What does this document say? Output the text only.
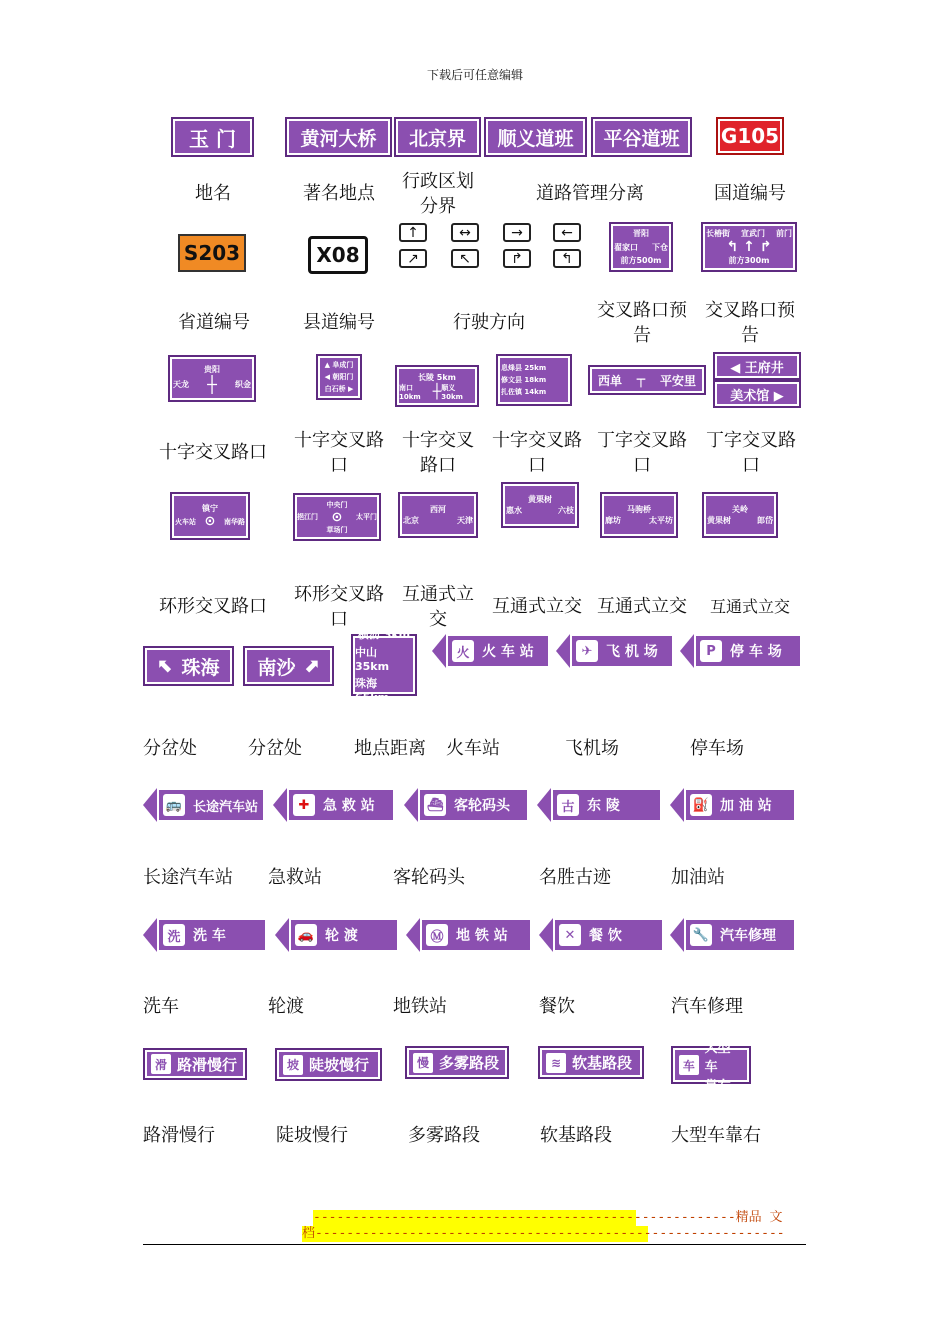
下载后可任意编辑
玉 门	黄河大桥	北京界	顺义道班	平谷道班	G105
地名	著名地点
行政区划分界
道路管理分离	国道编号
S203	X08
↑	↔	→	←
↗	↖	↱	↰
晋阳
翟家口 下仓
前方500m
长椿街 宣武门 前门
↰ ↑ ↱
前方300m
省道编号	县道编号	行驶方向
交叉路口预告
交叉路口预告
贵阳
天龙 ┼ 织金
▲ 阜成门
◀ 朝阳门
白石桥 ▶
长陵 5km
南口 10km ┼ 顺义 30km
息烽县 25km
修文县 18km
扎佐镇 14km
西单 ┬ 平安里
◀ 王府井
美术馆 ▶
十字交叉路口
十字交叉路口
十字交叉路口
十字交叉路口
丁字交叉路口
丁字交叉路口
镇宁
火车站 ⊙ 南华路
中央门
挹江门 ⊙ 太平门
草场门
西河
北京	天津
黄栗树
惠水	六枝	马驹桥
廊坊	太平坊
关岭
黄果树	郎岱
环形交叉路口
环形交叉路口
互通式立交
互通式立交 互通式立交	互通式立交
⬉ 珠海 南沙 ⬈
横沥 3km
中山 35km
珠海 65km
火 火 车 站	✈ 飞 机 场	P	停 车 场
分岔处	分岔处	地点距离 火车站	飞机场	停车场
🚌 长途汽车站	✚ 急 救 站	⛴ 客轮码头	古 东 陵	⛽ 加 油 站
长途汽车站 急救站	客轮码头	名胜古迹	加油站
洗 洗 车	🚗 轮 渡	Ⓜ 地 铁 站	✕ 餐 饮	🔧 汽车修理
洗车	轮渡	地铁站	餐饮	汽车修理
滑 路滑慢行	坡 陡坡慢行	慢 多雾路段	≋ 软基路段	车
大型车
靠右
路滑慢行	陡坡慢行	多雾路段	软基路段	大型车靠右
------------------------------------------------------精品 文
档------------------------------------------------------------
